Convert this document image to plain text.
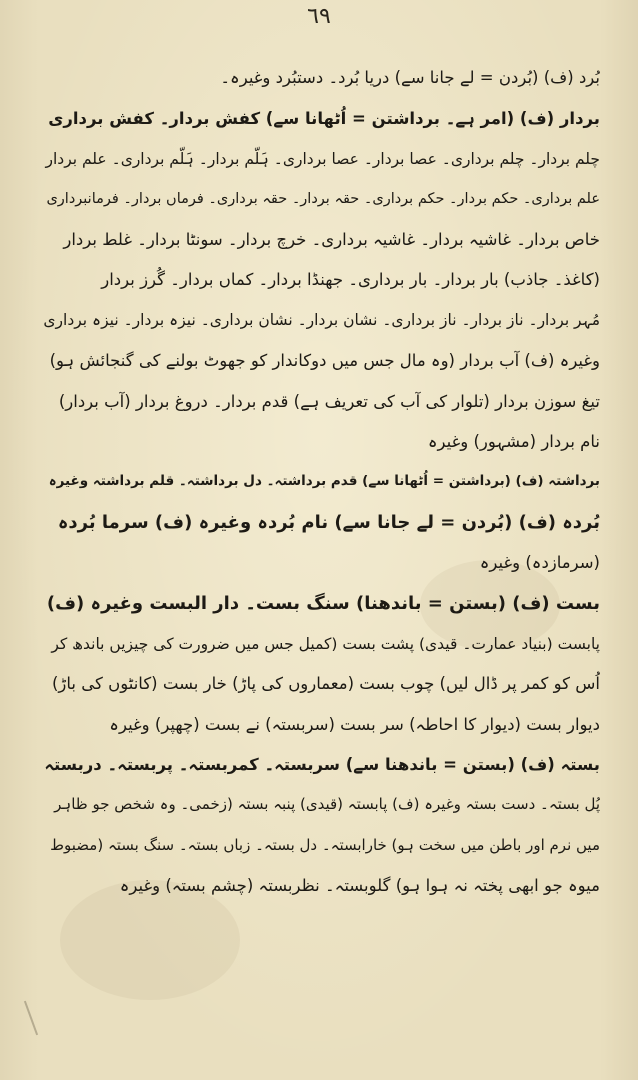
٦٩
بُرد (ف) (بُردن = لے جانا سے) دریا بُرد۔ دستبُرد وغیرہ۔
بردار (ف) (امر ہے۔ برداشتن = اُٹھانا سے) کفش بردار۔ کفش برداری
چلم بردار۔ چلم برداری۔ عصا بردار۔ عصا برداری۔ ہَلّم بردار۔ ہَلّم برداری۔ علم بردار
علم برداری۔ حکم بردار۔ حکم برداری۔ حقہ بردار۔ حقہ برداری۔ فرماں بردار۔ فرمانبرداری
خاص بردار۔ غاشیہ بردار۔ غاشیہ برداری۔ خرچ بردار۔ سونٹا بردار۔ غلط بردار
(کاغذ۔ جاذب) بار بردار۔ بار برداری۔ جھنڈا بردار۔ کماں بردار۔ گُرز بردار
مُہر بردار۔ ناز بردار۔ ناز برداری۔ نشان بردار۔ نشان برداری۔ نیزہ بردار۔ نیزہ برداری
وغیرہ (ف) آب بردار (وہ مال جس میں دوکاندار کو جھوٹ بولنے کی گنجائش ہو)
تیغ سوزن بردار (تلوار کی آب کی تعریف ہے) قدم بردار۔ دروغ بردار (آب بردار)
نام بردار (مشہور) وغیرہ
برداشتہ (ف) (برداشتن = اُٹھانا سے) قدم برداشتہ۔ دل برداشتہ۔ قلم برداشتہ وغیرہ
بُردہ (ف) (بُردن = لے جانا سے) نام بُردہ وغیرہ (ف) سرما بُردہ
(سرمازدہ) وغیرہ
بست (ف) (بستن = باندھنا) سنگ بست۔ دار البست وغیرہ (ف)
پابست (بنیاد عمارت۔ قیدی) پشت بست (کمیل جس میں ضرورت کی چیزیں باندھ کر
اُس کو کمر پر ڈال لیں) چوب بست (معماروں کی پاڑ) خار بست (کانٹوں کی باڑ)
دیوار بست (دیوار کا احاطہ) سر بست (سربستہ) نے بست (چھپر) وغیرہ
بستہ (ف) (بستن = باندھنا سے) سربستہ۔ کمربستہ۔ پربستہ۔ دربستہ
پُل بستہ۔ دست بستہ وغیرہ (ف) پابستہ (قیدی) پنبہ بستہ (زخمی۔ وہ شخص جو ظاہر
میں نرم اور باطن میں سخت ہو) خارابستہ۔ دل بستہ۔ زباں بستہ۔ سنگ بستہ (مضبوط
میوہ جو ابھی پختہ نہ ہوا ہو) گلوبستہ۔ نظربستہ (چشم بستہ) وغیرہ
